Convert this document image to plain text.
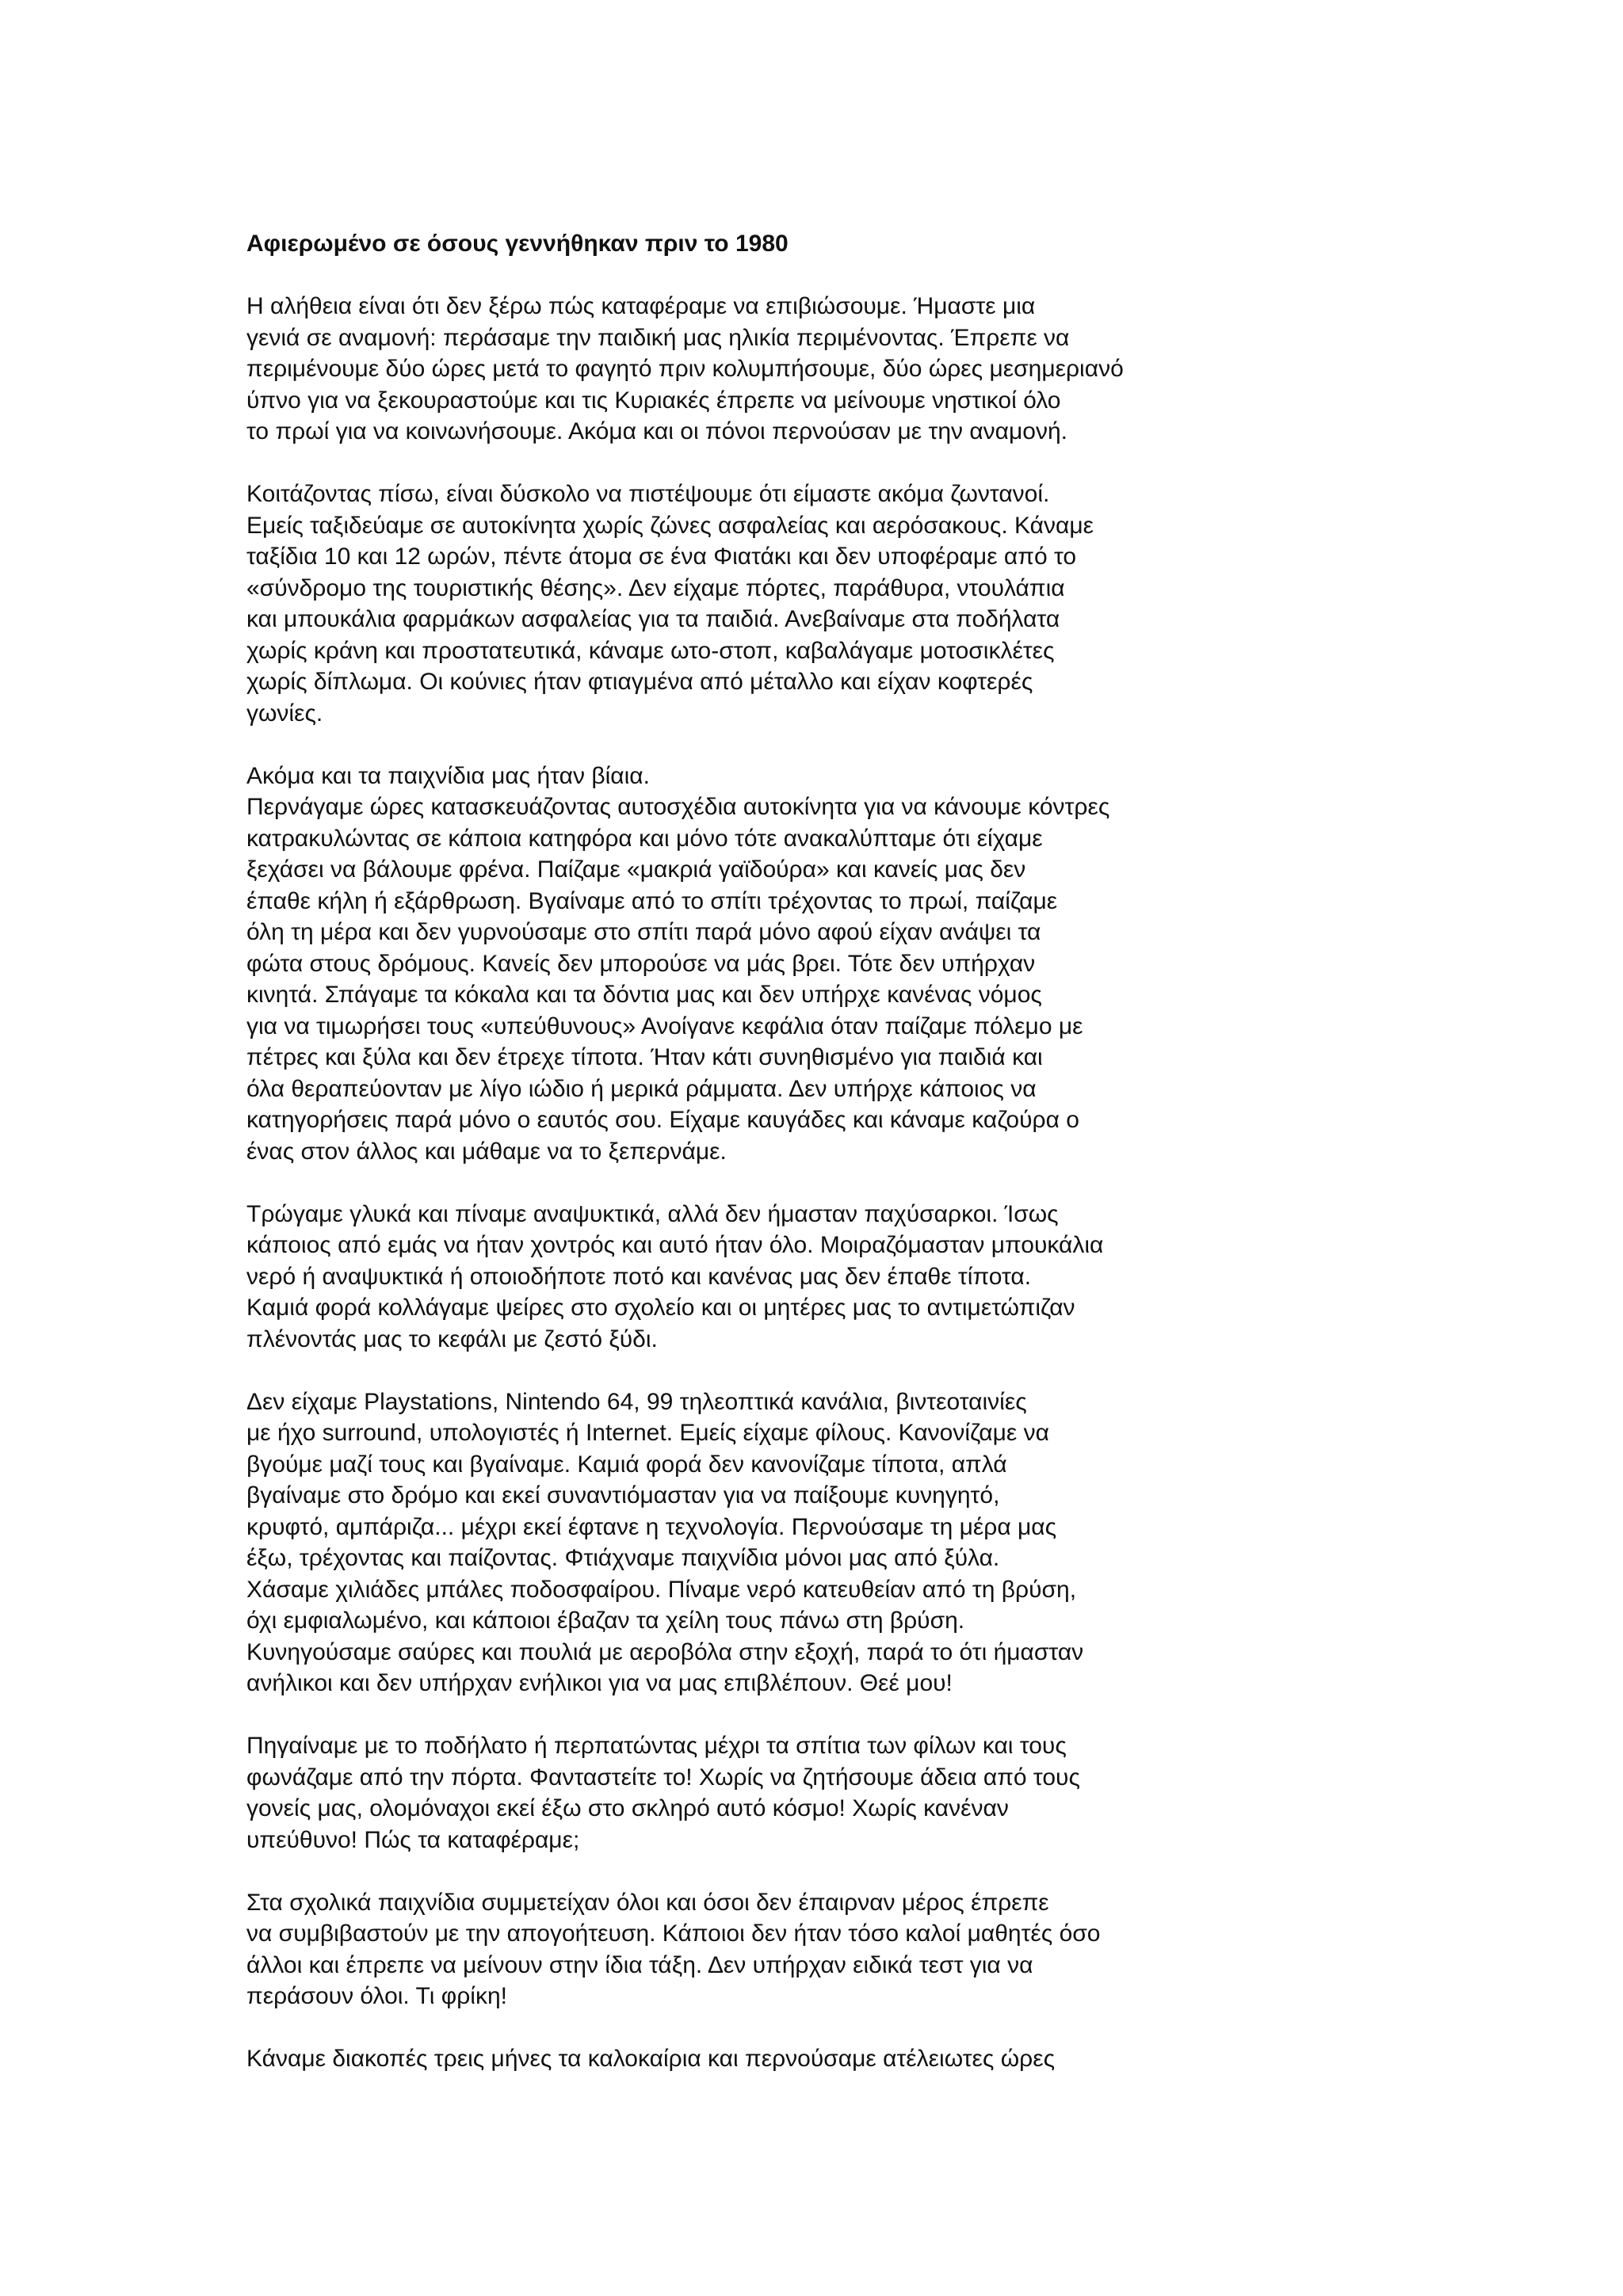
Αφιερωμένο σε όσους γεννήθηκαν πριν το 1980
Η αλήθεια είναι ότι δεν ξέρω πώς καταφέραμε να επιβιώσουμε. Ήμαστε μια
γενιά σε αναμονή: περάσαμε την παιδική μας ηλικία περιμένοντας. Έπρεπε να
περιμένουμε δύο ώρες μετά το φαγητό πριν κολυμπήσουμε, δύο ώρες μεσημεριανό
ύπνο για να ξεκουραστούμε και τις Κυριακές έπρεπε να μείνουμε νηστικοί όλο
το πρωί για να κοινωνήσουμε. Ακόμα και οι πόνοι περνούσαν με την αναμονή.
Κοιτάζοντας πίσω, είναι δύσκολο να πιστέψουμε ότι είμαστε ακόμα ζωντανοί.
Εμείς ταξιδεύαμε σε αυτοκίνητα χωρίς ζώνες ασφαλείας και αερόσακους. Κάναμε
ταξίδια 10 και 12 ωρών, πέντε άτομα σε ένα Φιατάκι και δεν υποφέραμε από το
«σύνδρομο της τουριστικής θέσης». Δεν είχαμε πόρτες, παράθυρα, ντουλάπια
και μπουκάλια φαρμάκων ασφαλείας για τα παιδιά. Ανεβαίναμε στα ποδήλατα
χωρίς κράνη και προστατευτικά, κάναμε ωτο-στοπ, καβαλάγαμε μοτοσικλέτες
χωρίς δίπλωμα. Οι κούνιες ήταν φτιαγμένα από μέταλλο και είχαν κοφτερές
γωνίες.
Ακόμα και τα παιχνίδια μας ήταν βίαια.
Περνάγαμε ώρες κατασκευάζοντας αυτοσχέδια αυτοκίνητα για να κάνουμε κόντρες
κατρακυλώντας σε κάποια κατηφόρα και μόνο τότε ανακαλύπταμε ότι είχαμε
ξεχάσει να βάλουμε φρένα. Παίζαμε «μακριά γαϊδούρα» και κανείς μας δεν
έπαθε κήλη ή εξάρθρωση. Βγαίναμε από το σπίτι τρέχοντας το πρωί, παίζαμε
όλη τη μέρα και δεν γυρνούσαμε στο σπίτι παρά μόνο αφού είχαν ανάψει τα
φώτα στους δρόμους. Κανείς δεν μπορούσε να μάς βρει. Τότε δεν υπήρχαν
κινητά. Σπάγαμε τα κόκαλα και τα δόντια μας και δεν υπήρχε κανένας νόμος
για να τιμωρήσει τους «υπεύθυνους» Ανοίγανε κεφάλια όταν παίζαμε πόλεμο με
πέτρες και ξύλα και δεν έτρεχε τίποτα. Ήταν κάτι συνηθισμένο για παιδιά και
όλα θεραπεύονταν με λίγο ιώδιο ή μερικά ράμματα. Δεν υπήρχε κάποιος να
κατηγορήσεις παρά μόνο ο εαυτός σου. Είχαμε καυγάδες και κάναμε καζούρα ο
ένας στον άλλος και μάθαμε να το ξεπερνάμε.
Τρώγαμε γλυκά και πίναμε αναψυκτικά, αλλά δεν ήμασταν παχύσαρκοι. Ίσως
κάποιος από εμάς να ήταν χοντρός και αυτό ήταν όλο. Μοιραζόμασταν μπουκάλια
νερό ή αναψυκτικά ή οποιοδήποτε ποτό και κανένας μας δεν έπαθε τίποτα.
Καμιά φορά κολλάγαμε ψείρες στο σχολείο και οι μητέρες μας το αντιμετώπιζαν
πλένοντάς μας το κεφάλι με ζεστό ξύδι.
Δεν είχαμε Playstations, Nintendo 64, 99 τηλεοπτικά κανάλια, βιντεοταινίες
με ήχο surround, υπολογιστές ή Internet. Εμείς είχαμε φίλους. Κανονίζαμε να
βγούμε μαζί τους και βγαίναμε. Καμιά φορά δεν κανονίζαμε τίποτα, απλά
βγαίναμε στο δρόμο και εκεί συναντιόμασταν για να παίξουμε κυνηγητό,
κρυφτό, αμπάριζα... μέχρι εκεί έφτανε η τεχνολογία. Περνούσαμε τη μέρα μας
έξω, τρέχοντας και παίζοντας. Φτιάχναμε παιχνίδια μόνοι μας από ξύλα.
Χάσαμε χιλιάδες μπάλες ποδοσφαίρου. Πίναμε νερό κατευθείαν από τη βρύση,
όχι εμφιαλωμένο, και κάποιοι έβαζαν τα χείλη τους πάνω στη βρύση.
Κυνηγούσαμε σαύρες και πουλιά με αεροβόλα στην εξοχή, παρά το ότι ήμασταν
ανήλικοι και δεν υπήρχαν ενήλικοι για να μας επιβλέπουν. Θεέ μου!
Πηγαίναμε με το ποδήλατο ή περπατώντας μέχρι τα σπίτια των φίλων και τους
φωνάζαμε από την πόρτα. Φανταστείτε το! Χωρίς να ζητήσουμε άδεια από τους
γονείς μας, ολομόναχοι εκεί έξω στο σκληρό αυτό κόσμο! Χωρίς κανέναν
υπεύθυνο! Πώς τα καταφέραμε;
Στα σχολικά παιχνίδια συμμετείχαν όλοι και όσοι δεν έπαιρναν μέρος έπρεπε
να συμβιβαστούν με την απογοήτευση. Κάποιοι δεν ήταν τόσο καλοί μαθητές όσο
άλλοι και έπρεπε να μείνουν στην ίδια τάξη. Δεν υπήρχαν ειδικά τεστ για να
περάσουν όλοι. Τι φρίκη!
Κάναμε διακοπές τρεις μήνες τα καλοκαίρια και περνούσαμε ατέλειωτες ώρες
